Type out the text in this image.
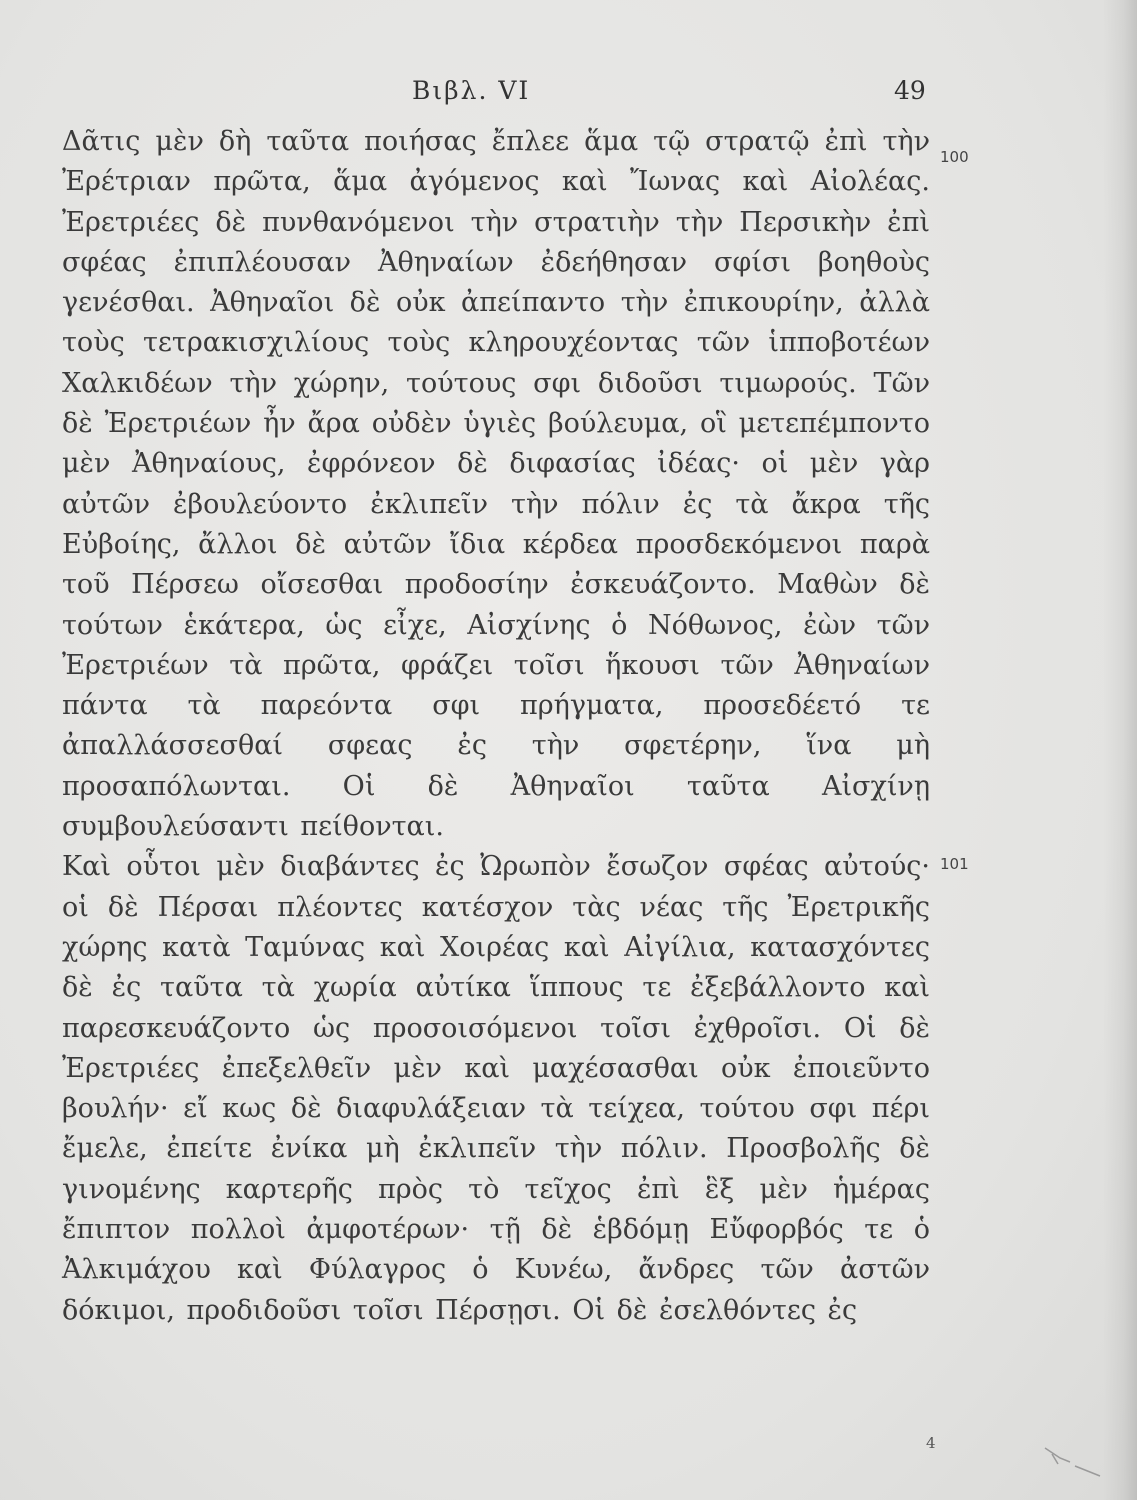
Βιβλ. VI	49
100
101

Δᾶτις μὲν δὴ ταῦτα ποιήσας ἔπλεε ἅμα τῷ στρατῷ ἐπὶ τὴν Ἐρέτριαν πρῶτα, ἅμα ἀγόμενος καὶ Ἴωνας καὶ Αἰολέας. Ἐρετριέες δὲ πυνθανόμενοι τὴν στρατιὴν τὴν Περσικὴν ἐπὶ σφέας ἐπιπλέουσαν Ἀθηναίων ἐδεήθησαν σφίσι βοηθοὺς γενέσθαι. Ἀθηναῖοι δὲ οὐκ ἀπείπαντο τὴν ἐπικουρίην, ἀλλὰ τοὺς τετρακισχιλίους τοὺς κληρουχέοντας τῶν ἱπποβοτέων Χαλκιδέων τὴν χώρην, τούτους σφι διδοῦσι τιμωρούς. Τῶν δὲ Ἐρετριέων ἦν ἄρα οὐδὲν ὑγιὲς βούλευμα, οἳ μετεπέμποντο μὲν Ἀθηναίους, ἐφρόνεον δὲ διφασίας ἰδέας· οἱ μὲν γὰρ αὐτῶν ἐβουλεύοντο ἐκλιπεῖν τὴν πόλιν ἐς τὰ ἄκρα τῆς Εὐβοίης, ἄλλοι δὲ αὐτῶν ἴδια κέρδεα προσδεκόμενοι παρὰ τοῦ Πέρσεω οἴσεσθαι προδοσίην ἐσκευάζοντο. Μαθὼν δὲ τούτων ἑκάτερα, ὡς εἶχε, Αἰσχίνης ὁ Νόθωνος, ἐὼν τῶν Ἐρετριέων τὰ πρῶτα, φράζει τοῖσι ἥκουσι τῶν Ἀθηναίων πάντα τὰ παρεόντα σφι πρήγματα, προσεδέετό τε ἀπαλλάσσεσθαί σφεας ἐς τὴν σφετέρην, ἵνα μὴ προσαπόλωνται. Οἱ δὲ Ἀθηναῖοι ταῦτα Αἰσχίνῃ συμβουλεύσαντι πείθονται.

Καὶ οὗτοι μὲν διαβάντες ἐς Ὠρωπὸν ἔσωζον σφέας αὐτούς· οἱ δὲ Πέρσαι πλέοντες κατέσχον τὰς νέας τῆς Ἐρετρικῆς χώρης κατὰ Ταμύνας καὶ Χοιρέας καὶ Αἰγίλια, κατασχόντες δὲ ἐς ταῦτα τὰ χωρία αὐτίκα ἵππους τε ἐξεβάλλοντο καὶ παρεσκευάζοντο ὡς προσοισόμενοι τοῖσι ἐχθροῖσι. Οἱ δὲ Ἐρετριέες ἐπεξελθεῖν μὲν καὶ μαχέσασθαι οὐκ ἐποιεῦντο βουλήν· εἴ κως δὲ διαφυλάξειαν τὰ τείχεα, τούτου σφι πέρι ἔμελε, ἐπείτε ἐνίκα μὴ ἐκλιπεῖν τὴν πόλιν. Προσβολῆς δὲ γινομένης καρτερῆς πρὸς τὸ τεῖχος ἐπὶ ἓξ μὲν ἡμέρας ἔπιπτον πολλοὶ ἀμφοτέρων· τῇ δὲ ἑβδόμῃ Εὔφορβός τε ὁ Ἀλκιμάχου καὶ Φύλαγρος ὁ Κυνέω, ἄνδρες τῶν ἀστῶν δόκιμοι, προδιδοῦσι τοῖσι Πέρσῃσι. Οἱ δὲ ἐσελθόντες ἐς

4
